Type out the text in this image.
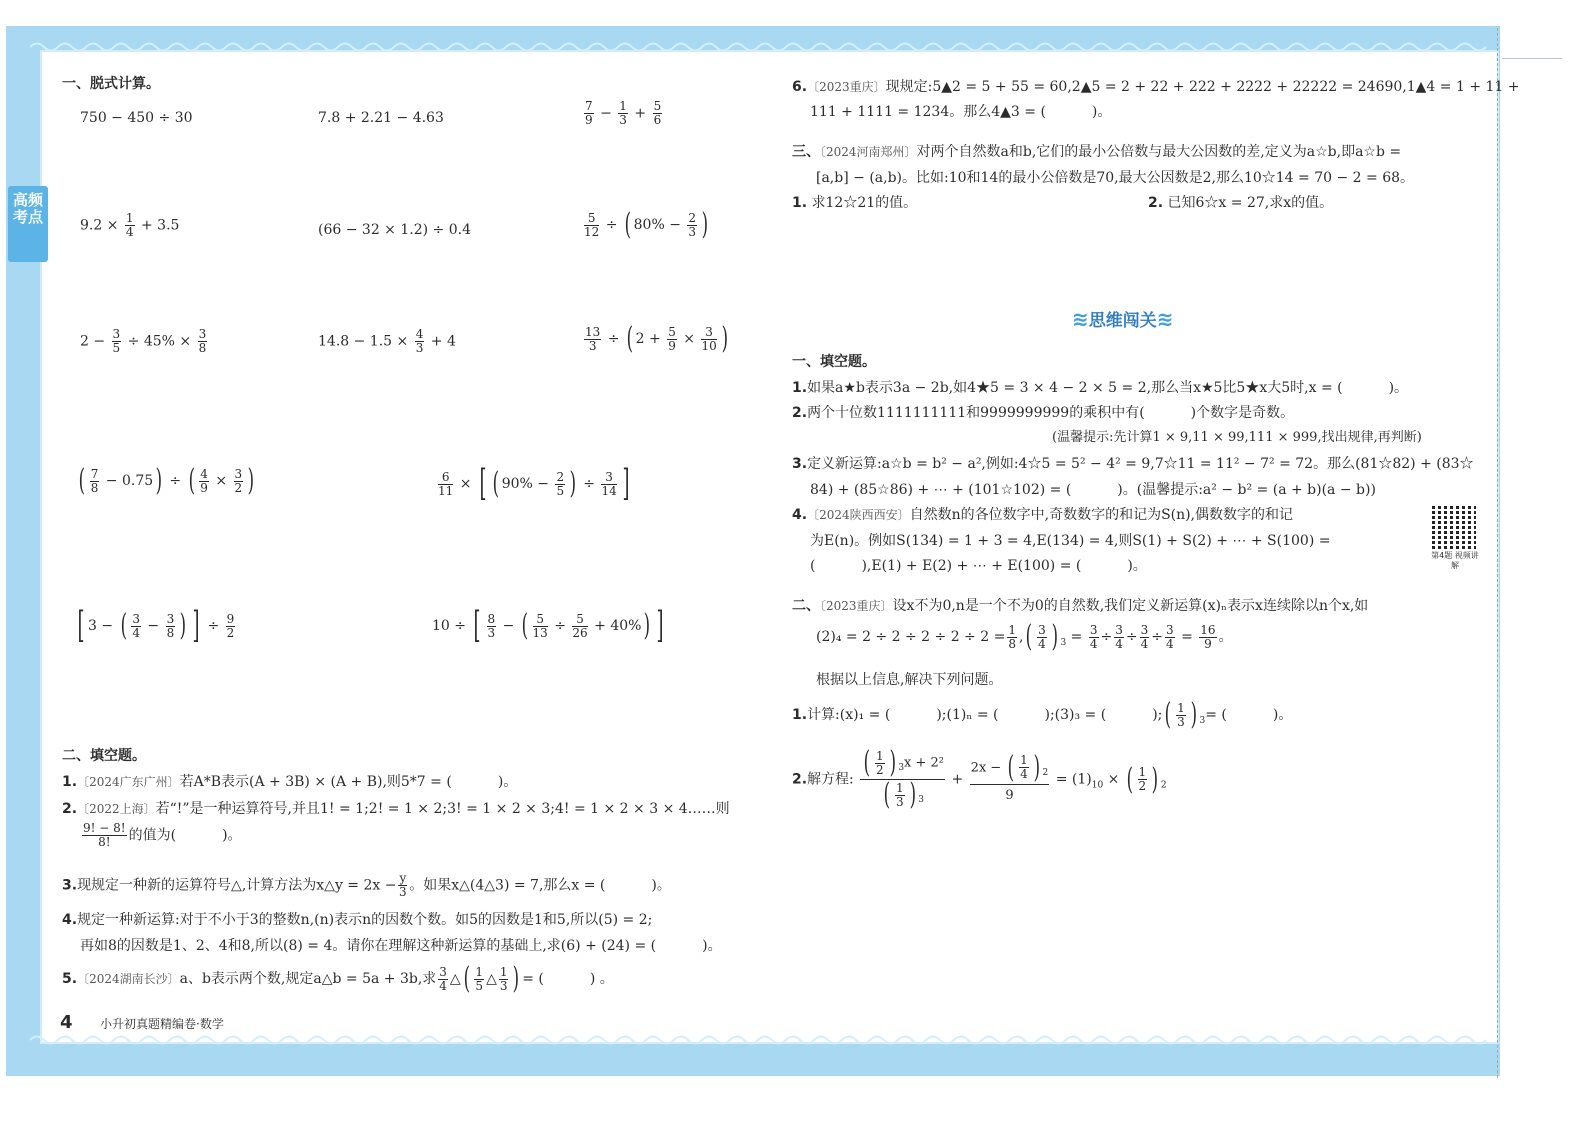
高频考点
一、脱式计算。
750 − 450 ÷ 30	7.8 + 2.21 − 4.63	$\frac{7}{9} - \frac{1}{3} + \frac{5}{6}$
$9.2 \times \frac{1}{4} + 3.5$	(66 − 32 × 1.2) ÷ 0.4	$\frac{5}{12}$ ÷ ( $80\% - \frac{2}{3}$ )
$2 - \frac{3}{5} \div 45\% \times \frac{3}{8}$	$14.8 - 1.5 \times \frac{4}{3} + 4$	$\frac{13}{3}$ ÷ ( $2 + \frac{5}{9} \times \frac{3}{10}$ )
( $\frac{7}{8} - 0.75$) ÷ ( $\frac{4}{9} \times \frac{3}{2}$ )	$\frac{6}{11}$ × [ ( $90\% - \frac{2}{5}$ ) ÷ $\frac{3}{14}$ ]
[ 3 − ( $\frac{3}{4} - \frac{3}{8}$ ) ] ÷ $\frac{9}{2}$	10 ÷ [ $\frac{8}{3}$ − ( $\frac{5}{13} \div \frac{5}{26} + 40\%$) ]
二、填空题。
1.〔2024广东广州〕若A*B表示(A + 3B) × (A + B),则5*7 = (	)。
2.〔2022上海〕若“!”是一种运算符号,并且1! = 1;2! = 1 × 2;3! = 1 × 2 × 3;4! = 1 × 2 × 3 × 4……则
$\frac{9! - 8!}{8!}$ 的值为(	)。
3.现规定一种新的运算符号△,计算方法为x△y = $2x - \frac{y}{3}$ 。如果x△(4△3) = 7,那么x = (	)。
4.规定一种新运算:对于不小于3的整数n,(n)表示n的因数个数。如5的因数是1和5,所以(5) = 2;
再如8的因数是1、2、4和8,所以(8) = 4。请你在理解这种新运算的基础上,求(6) + (24) = (	)。
5.〔2024湖南长沙〕a、b表示两个数,规定a△b = 5a + 3b,求 $\frac{3}{4}$ △( $\frac{1}{5}$ △ $\frac{1}{3}$ ) = (	) 。
4 小升初真题精编卷·数学
6.〔2023重庆〕现规定:5▲2 = 5 + 55 = 60,2▲5 = 2 + 22 + 222 + 2222 + 22222 = 24690,1▲4 = 1 + 11 +
111 + 1111 = 1234。那么4▲3 = (	)。
三、〔2024河南郑州〕对两个自然数a和b,它们的最小公倍数与最大公因数的差,定义为a☆b,即a☆b =
[a,b] − (a,b)。比如:10和14的最小公倍数是70,最大公因数是2,那么10☆14 = 70 − 2 = 68。
1. 求12☆21的值。	2. 已知6☆x = 27,求x的值。
≋思维闯关≋
一、填空题。
1.如果a★b表示3a − 2b,如4★5 = 3 × 4 − 2 × 5 = 2,那么当x★5比5★x大5时,x = (	)。
2.两个十位数1111111111和9999999999的乘积中有(	)个数字是奇数。
(温馨提示:先计算1 × 9,11 × 99,111 × 999,找出规律,再判断)
3.定义新运算:a☆b = b² − a²,例如:4☆5 = 5² − 4² = 9,7☆11 = 11² − 7² = 72。那么(81☆82) + (83☆
84) + (85☆86) + ⋯ + (101☆102) = (	)。(温馨提示:a² − b² = (a + b)(a − b))
4.〔2024陕西西安〕自然数n的各位数字中,奇数数字的和记为S(n),偶数数字的和记
为E(n)。例如S(134) = 1 + 3 = 4,E(134) = 4,则S(1) + S(2) + ⋯ + S(100) =
(	),E(1) + E(2) + ⋯ + E(100) = (	)。
第4题 视频讲解
二、〔2023重庆〕设x不为0,n是一个不为0的自然数,我们定义新运算(x)ₙ表示x连续除以n个x,如
$(2)_4 = 2 \div 2 \div 2 \div 2 \div 2 = \frac{1}{8}$ ,( $\frac{3}{4}$ ) $_3 = \frac{3}{4} \div \frac{3}{4} \div \frac{3}{4} \div \frac{3}{4} = \frac{16}{9}$ 。
根据以上信息,解决下列问题。
1.计算:(x)₁ = (	);(1)ₙ = (	);(3)₃ = (	);( $\frac{1}{3}$ ) $_3$= (	)。
2.解方程: $\frac{( \frac{1}{2} ) _3x + 2^2}{( \frac{1}{3} ) _3} + \frac{2x - ( \frac{1}{4} ) _2}{9} = (1)_{10}$ × ( $\frac{1}{2}$ ) $_2$
